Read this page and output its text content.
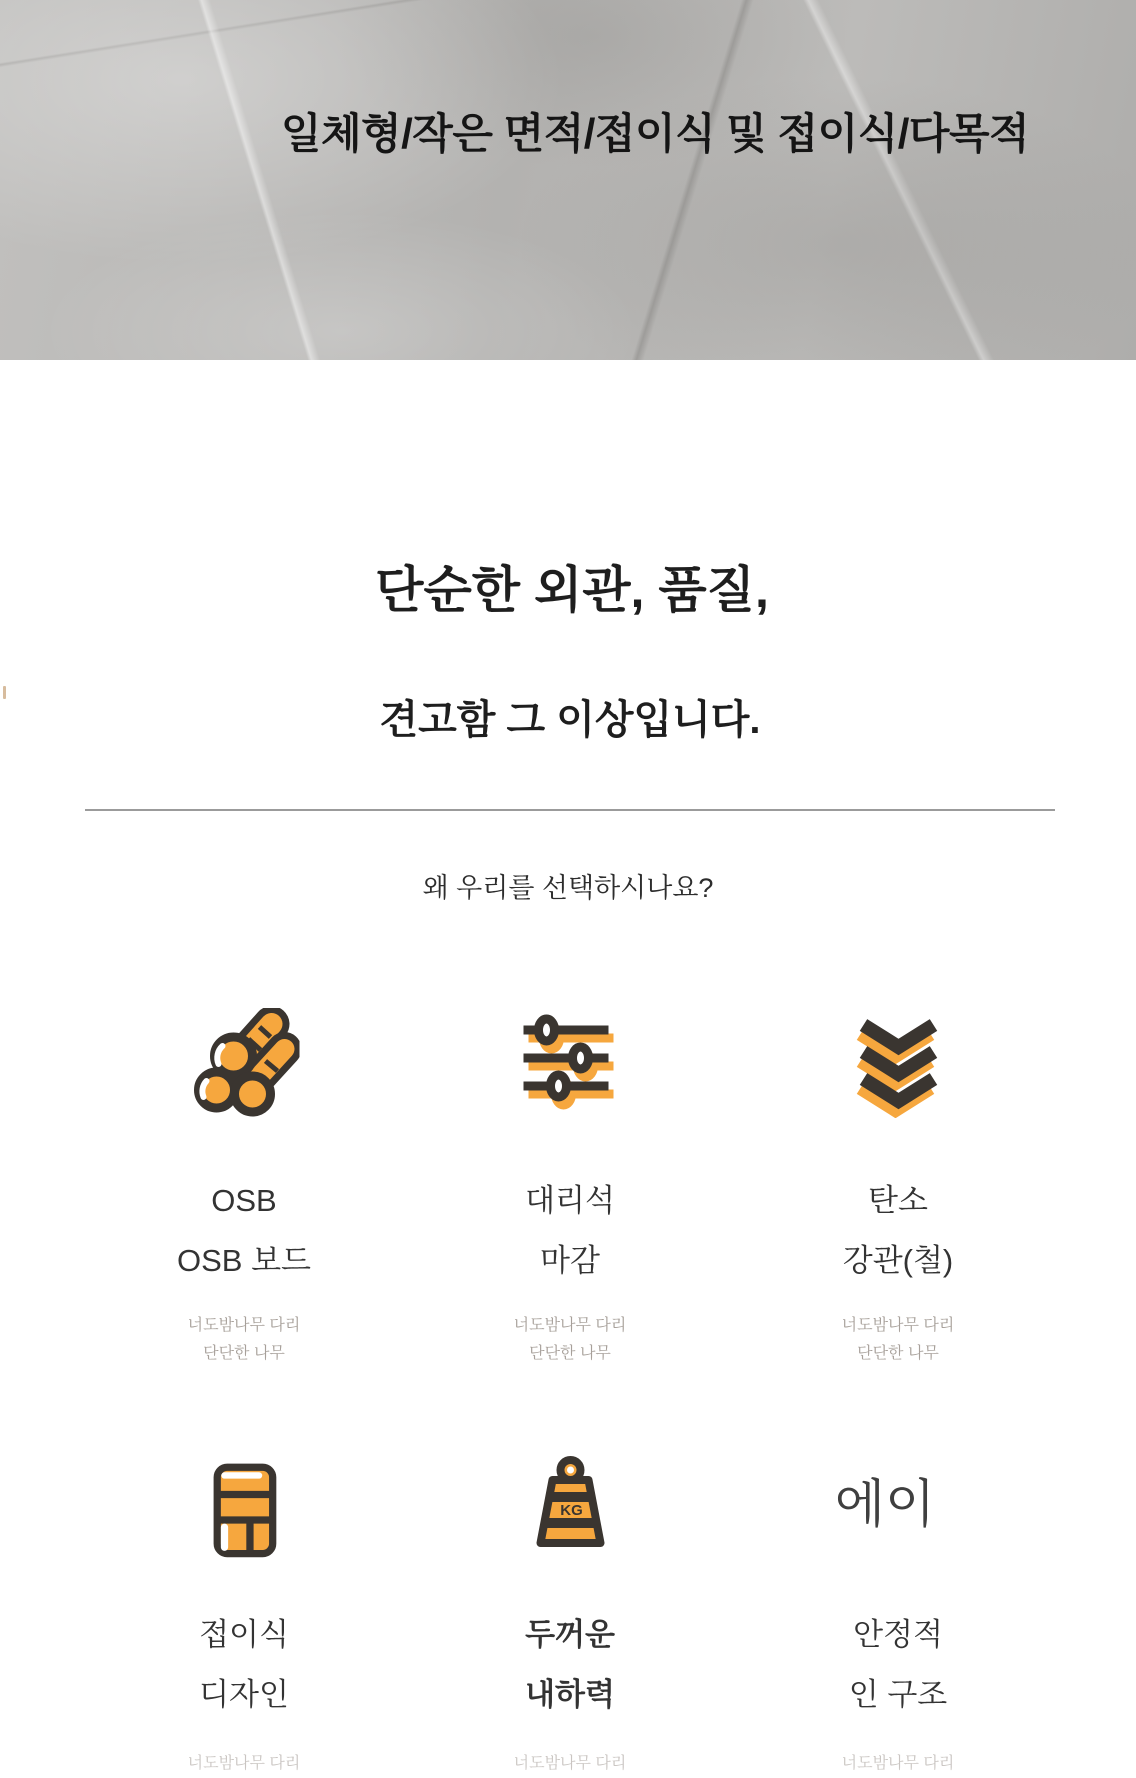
일체형/작은 면적/접이식 및 접이식/다목적
단순한 외관, 품질,
견고함 그 이상입니다.
왜 우리를 선택하시나요?
OSB
OSB 보드
대리석
마감
탄소
강관(철)
너도밤나무 다리
단단한 나무
너도밤나무 다리
단단한 나무
너도밤나무 다리
단단한 나무
KG	에이
접이식
디자인
두꺼운
내하력
안정적
인 구조
너도밤나무 다리	너도밤나무 다리	너도밤나무 다리
